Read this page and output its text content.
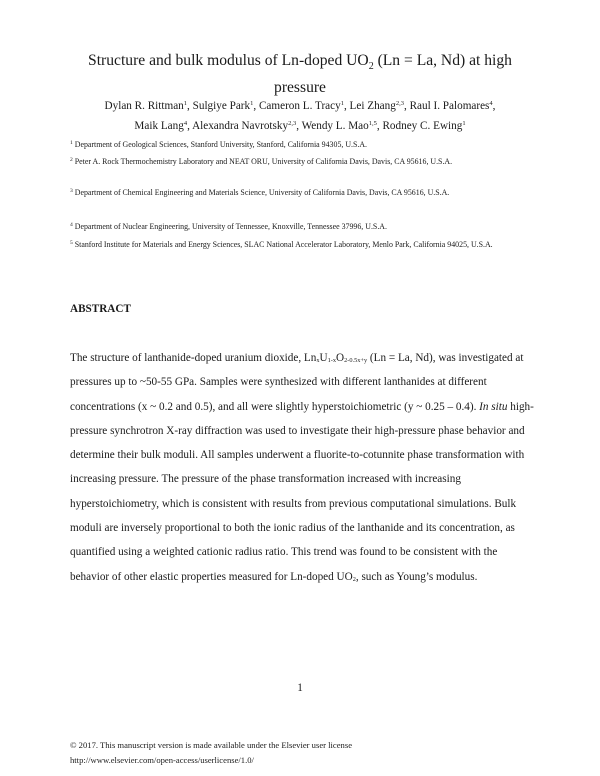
Structure and bulk modulus of Ln-doped $UO_2$ (Ln = La, Nd) at high
pressure
Dylan R. Rittman$^1$, Sulgiye Park$^1$, Cameron L. Tracy$^1$, Lei Zhang$^{2,3}$, Raul I. Palomares$^4$,
Maik Lang$^4$, Alexandra Navrotsky$^{2,3}$, Wendy L. Mao$^{1,5}$, Rodney C. Ewing$^1$
$^1$ Department of Geological Sciences, Stanford University, Stanford, California 94305, U.S.A.
$^2$ Peter A. Rock Thermochemistry Laboratory and NEAT ORU, University of California Davis, Davis, CA 95616, U.S.A.
$^3$ Department of Chemical Engineering and Materials Science, University of California Davis, Davis, CA 95616, U.S.A.
$^4$ Department of Nuclear Engineering, University of Tennessee, Knoxville, Tennessee 37996, U.S.A.
$^5$ Stanford Institute for Materials and Energy Sciences, SLAC National Accelerator Laboratory, Menlo Park, California 94025, U.S.A.
ABSTRACT
The structure of lanthanide-doped uranium dioxide, $Ln_xU_{1-x}O_{2-0.5x+y}$ (Ln = La, Nd), was investigated at pressures up to ~50-55 GPa. Samples were synthesized with different lanthanides at different concentrations (x ~ 0.2 and 0.5), and all were slightly hyperstoichiometric (y ~ 0.25 – 0.4). In situ high-pressure synchrotron X-ray diffraction was used to investigate their high-pressure phase behavior and determine their bulk moduli. All samples underwent a fluorite-to-cotunnite phase transformation with increasing pressure. The pressure of the phase transformation increased with increasing hyperstoichiometry, which is consistent with results from previous computational simulations. Bulk moduli are inversely proportional to both the ionic radius of the lanthanide and its concentration, as quantified using a weighted cationic radius ratio. This trend was found to be consistent with the behavior of other elastic properties measured for Ln-doped $UO_2$, such as Young’s modulus.
1
© 2017. This manuscript version is made available under the Elsevier user license
http://www.elsevier.com/open-access/userlicense/1.0/
